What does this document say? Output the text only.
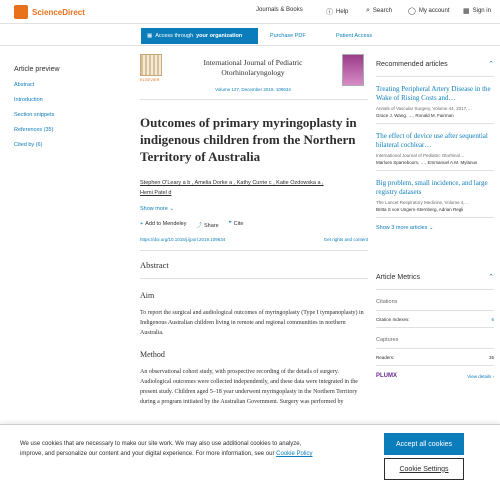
ScienceDirect	Journals & Books	ⓘ Help	⌕ Search ◯ My account ▦ Sign in
▦ Access through your organization	Purchase PDF	Patient Access
Article preview
Abstract
Introduction
Section snippets
References (35)
Cited by (6)
ELSEVIER
International Journal of Pediatric
Otorhinolaryngology
Volume 127, December 2019, 109634
Outcomes of primary myringoplasty in indigenous children from the Northern Territory of Australia
Stephen O'Leary a b , Amelia Dorke a , Kathy Currie c , Katie Ozdowska a ,
Hemi Patel d
Show more ⌄
+ Add to Mendeley ⤴ Share ❞ Cite
https://doi.org/10.1016/j.ijporl.2019.109634	Get rights and content
Abstract
Aim

To report the surgical and audiological outcomes of myringoplasty (Type I tympanoplasty) in Indigenous Australian children living in remote and regional communities in northern Australia.

Method

An observational cohort study, with prospective recording of the details of surgery. Audiological outcomes were collected independently, and these data were integrated in the present study. Children aged 5–18 year underwent myringoplasty in the Northern Territory during a program initiated by the Australian Government. Surgery was performed by

Recommended articles	⌃
Treating Peripheral Artery Disease in the Wake of Rising Costs and…
Annals of Vascular Surgery, Volume 44, 2017,…
Grace J. Wang, …, Ronald M. Fairman
The effect of device use after sequential bilateral cochlear…
International Journal of Pediatric Otorhinol…
Marloes Sparreboom, …, Emmanuel A.M. Mylanus
Big problem, small incidence, and large registry datasets
The Lancet Respiratory Medicine, Volume 4,…
Britta S von Ungern-Sternberg, Adrian Regli
Show 3 more articles ⌄
Article Metrics	⌃
Citations
Citation Indexes:	6
Captures
Readers:	35
PLUMX	View details ›

We use cookies that are necessary to make our site work. We may also use additional cookies to analyze, improve, and personalize our content and your digital experience. For more information, see our Cookie Policy

Accept all cookies
Cookie Settings
